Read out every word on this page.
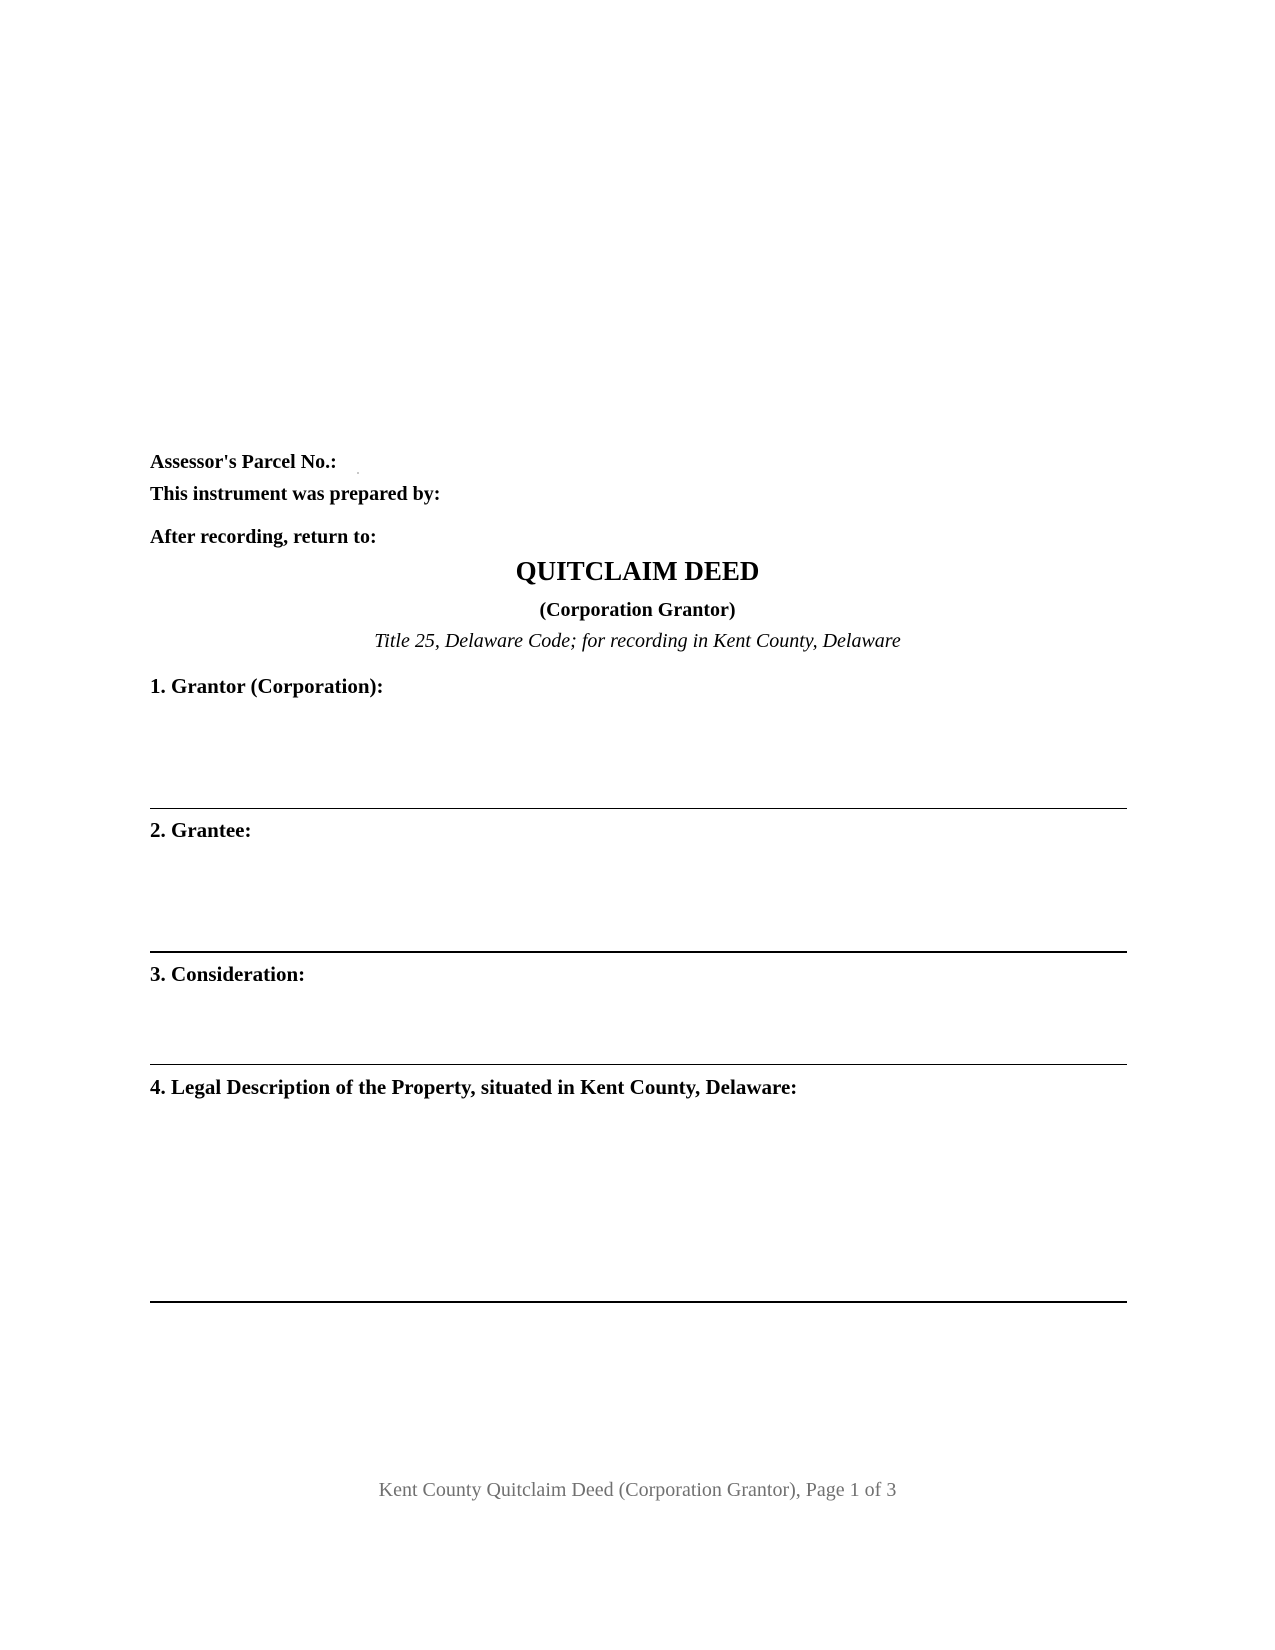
Assessor's Parcel No.:
This instrument was prepared by:
After recording, return to:
QUITCLAIM DEED
(Corporation Grantor)
Title 25, Delaware Code; for recording in Kent County, Delaware
1. Grantor (Corporation):
2. Grantee:
3. Consideration:
4. Legal Description of the Property, situated in Kent County, Delaware:
Kent County Quitclaim Deed (Corporation Grantor), Page 1 of 3
